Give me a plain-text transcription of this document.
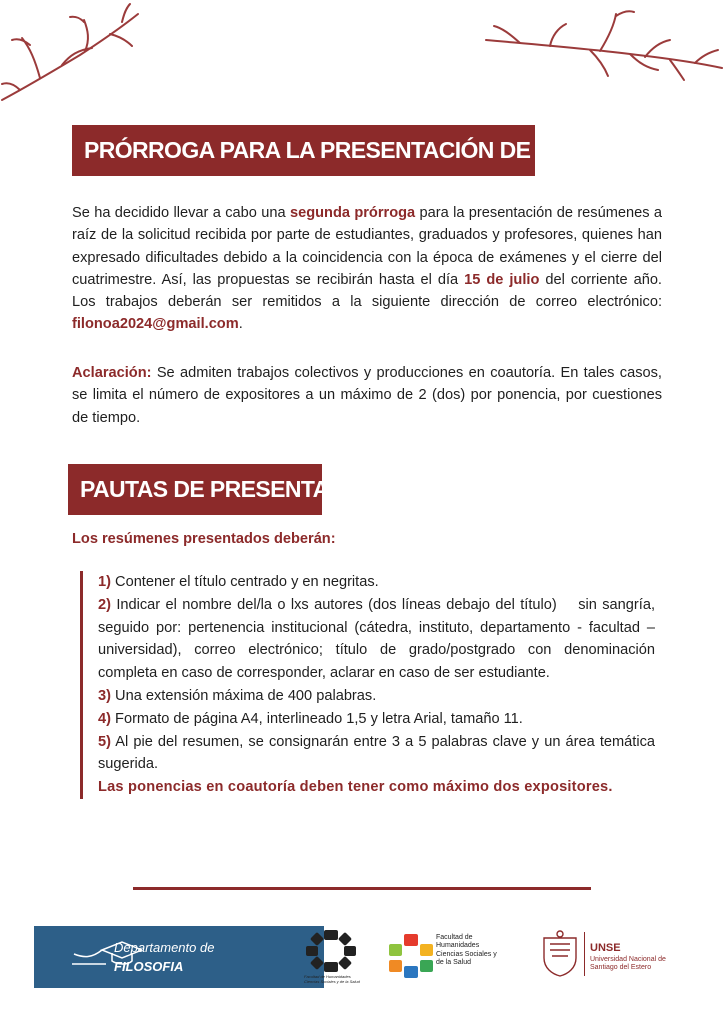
PRÓRROGA PARA LA PRESENTACIÓN DE RESÚMENES

Se ha decidido llevar a cabo una segunda prórroga para la presentación de resúmenes a raíz de la solicitud recibida por parte de estudiantes, graduados y profesores, quienes han expresado dificultades debido a la coincidencia con la época de exámenes y el cierre del cuatrimestre. Así, las propuestas se recibirán hasta el día 15 de julio del corriente año. Los trabajos deberán ser remitidos a la siguiente dirección de correo electrónico: filonoa2024@gmail.com.

Aclaración: Se admiten trabajos colectivos y producciones en coautoría. En tales casos, se limita el número de expositores a un máximo de 2 (dos) por ponencia, por cuestiones de tiempo.

PAUTAS DE PRESENTACIÓN

Los resúmenes presentados deberán:

1) Contener el título centrado y en negritas.

2) Indicar el nombre del/la o lxs autores (dos líneas debajo del título)    sin sangría, seguido por: pertenencia institucional (cátedra, instituto, departamento - facultad – universidad), correo electrónico; título de grado/postgrado con denominación completa en caso de corresponder, aclarar en caso de ser estudiante.

3) Una extensión máxima de 400 palabras.

4) Formato de página A4, interlineado 1,5 y letra Arial, tamaño 11.

5) Al pie del resumen, se consignarán entre 3 a 5 palabras clave y un área temática sugerida.

Las ponencias en coautoría deben tener como máximo dos expositores.

Departamento de
FILOSOFIA
Facultad de Humanidades Ciencias Sociales y de la Salud
Facultad de Humanidades Ciencias Sociales y de la Salud
UNSE
Universidad Nacional de Santiago del Estero
